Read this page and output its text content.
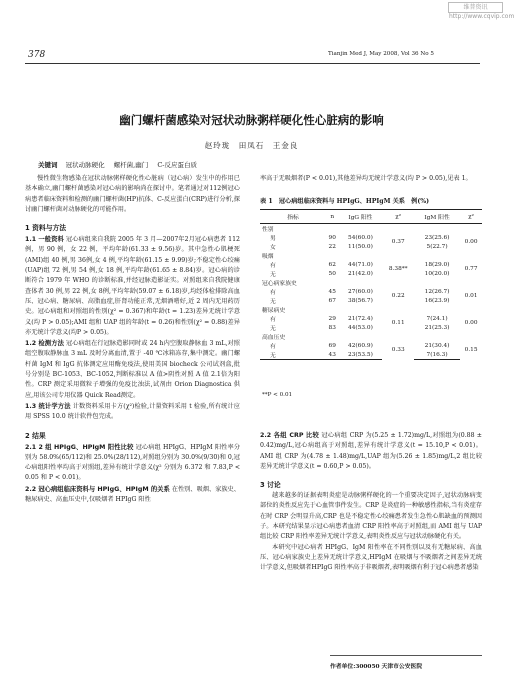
维普资讯 http://www.cqvip.com
378	Tianjin Med J, May 2008, Vol 36 No 5
幽门螺杆菌感染对冠状动脉粥样硬化性心脏病的影响
赵玲珑　田凤石　王金良
关键词 冠状动脉硬化 螺杆菌,幽门 C-反应蛋白质

慢性微生物感染在冠状动脉粥样硬化性心脏病（冠心病）发生中的作用已基本确立,幽门螺杆菌感染对冠心病的影响尚在探讨中。笔者通过对112例冠心病患者临床资料和检测的幽门螺杆菌(HP)抗体、C-反应蛋白(CRP)进行分析,探讨幽门螺杆菌对动脉硬化的可能作用。

1 资料与方法

1.1 一般资料 冠心病组来自我院 2005 年 3 月—2007年2月冠心病患者 112 例，男 90 例，女 22 例，平均年龄(61.33 ± 9.56)岁。其中急性心肌梗死(AMI)组 40 例,男 36例,女 4 例,平均年龄(61.15 ± 9.99)岁;不稳定性心绞痛(UAP)组 72 例,男 54 例,女 18 例,平均年龄(61.65 ± 8.84)岁。冠心病的诊断符合 1979 年 WHO 的诊断标准,并经冠脉造影证实。对照组来自我院健康查体者 30 例,男 22 例,女 8例,平均年龄(59.07 ± 6.18)岁,均经体检排除高血压、冠心病、糖尿病、高脂血症,肝肾功能正常,无烟酒嗜好,近 2 周内无用药历史。冠心病组和对照组的性别(χ² = 0.367)和年龄(t = 1.23)差异无统计学意义(均 P > 0.05);AMI 组和 UAP 组的年龄(t = 0.26)和性别(χ² = 0.88)差异亦无统计学意义(均P > 0.05)。

1.2 检测方法 冠心病组在行冠脉造影同时或 24 h内空腹取静脉血 3 mL,对照组空腹取静脉血 3 mL 及时分离血清,置于 -40 ℃冰箱冻存,集中测定。幽门螺杆菌 IgM 和 IgG 抗体测定应用酶免疫法,使用美国 biocheck 公司试剂盒,批号分别是 BC-1053、BC-1052,判断标准以 A 值>阴性对照 A 值 2.1倍为阳性。CRP 测定采用微粒子增强的免疫比浊法,试剂由 Orion Diagnostica 供应,用该公司专用仪器 Quick Read测定。

1.3 统计学方法 计数资料采用卡方(χ²)检验,计量资料采用 t 检验,所有统计应用 SPSS 10.0 统计软件包完成。

2 结果

2.1 2 组 HPIgG、HPIgM 阳性比较 冠心病组 HPIgG、HPIgM 阳性率分别为 58.0%(65/112)和 25.0%(28/112),对照组分别为 30.0%(9/30)和 0,冠心病组阳性率均高于对照组,差异有统计学意义(χ² 分别为 6.372 和 7.83,P < 0.05 和 P < 0.01)。

2.2 冠心病组临床资料与 HPIgG、HPIgM 的关系 在性别、吸烟、家族史、糖尿病史、高血压史中,仅吸烟者 HPIgG 阳性

率高于无吸烟者(P < 0.01),其他差异均无统计学意义(均 P > 0.05),见表 1。

表 1　冠心病组临床资料与 HPIgG、HPIgM 关系　例(%)
指标	n	IgG 阳性	χ²	IgM 阳性	χ²
性别					
男	90	54(60.0)	0.37	23(25.6)	0.00
女	22	11(50.0)		5(22.7)	
吸烟					
有	62	44(71.0)	8.38**	18(29.0)	0.77
无	50	21(42.0)		10(20.0)	
冠心病家族史					
有	45	27(60.0)	0.22	12(26.7)	0.01
无	67	38(56.7)		16(23.9)	
糖尿病史					
有	29	21(72.4)	0.11	7(24.1)	0.00
无	83	44(53.0)		21(25.3)	
高血压史					
有	69	42(60.9)	0.33	21(30.4)	0.15
无	43	23(53.5)		7(16.3)	
**P < 0.01

2.2 各组 CRP 比较 冠心病组 CRP 为(5.25 ± 1.72)mg/L,对照组为(0.88 ± 0.42)mg/L,冠心病组高于对照组,差异有统计学意义(t = 15.10,P < 0.01)。AMI 组 CRP 为(4.78 ± 1.48)mg/L,UAP 组为(5.26 ± 1.85)mg/L,2 组比较差异无统计学意义(t = 0.60,P > 0.05)。

3 讨论

越来越多的证据表明炎症是动脉粥样硬化的一个重要决定因子,冠状动脉病变部位的炎性反应先于心血管事件发生。CRP 是炎症的一种敏感性指标,当有炎症存在时 CRP 会明显升高,CRP 也是不稳定性心绞痛患者发生急性心肌缺血的预测因子。本研究结果显示冠心病患者血清 CRP 阳性率高于对照组,而 AMI 组与 UAP 组比较 CRP 阳性率差异无统计学意义,表明炎性反应与冠状动脉硬化有关。

本研究中冠心病者 HPIgG、IgM 阳性率在不同性别以及有无糖尿病、高血压、冠心病家族史上差异无统计学意义,HPIgM 在吸烟与不吸烟者之间差异无统计学意义,但吸烟者HPIgG 阳性率高于非吸烟者,表明吸烟有利于冠心病患者感染

作者单位:300050 天津市公安医院
